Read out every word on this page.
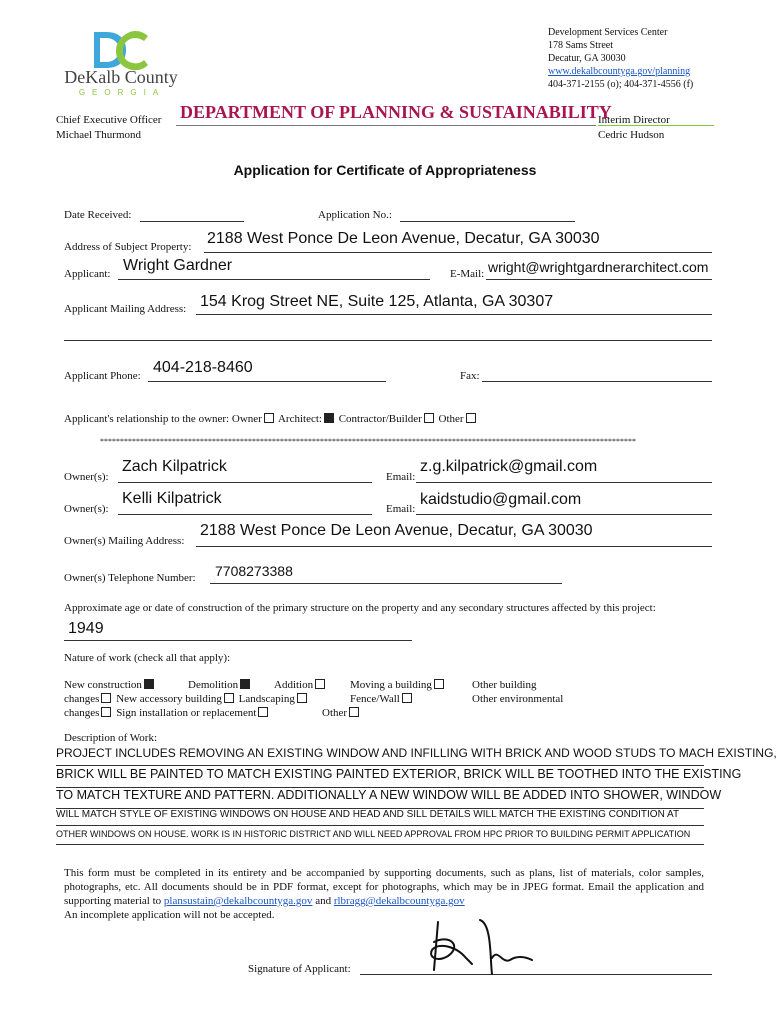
DeKalb County
GEORGIA
Development Services Center
178 Sams Street
Decatur, GA 30030
www.dekalbcountyga.gov/planning
404-371-2155 (o); 404-371-4556 (f)
Chief Executive Officer
Michael Thurmond
DEPARTMENT OF PLANNING & SUSTAINABILITY
Interim Director
Cedric Hudson
Application for Certificate of Appropriateness
Date Received:	Application No.:
Address of Subject Property: 2188 West Ponce De Leon Avenue, Decatur, GA 30030
Applicant: Wright Gardner	E-Mail: wright@wrightgardnerarchitect.com
Applicant Mailing Address: 154 Krog Street NE, Suite 125, Atlanta, GA 30307
Applicant Phone: 404-218-8460	Fax:
Applicant's relationship to the owner: Owner Architect: Contractor/Builder Other
**************************************************************************************************************************************
Owner(s):
Zach Kilpatrick
Email:
z.g.kilpatrick@gmail.com
Owner(s):
Kelli Kilpatrick
Email:
kaidstudio@gmail.com
Owner(s) Mailing Address:
2188 West Ponce De Leon Avenue, Decatur, GA 30030
Owner(s) Telephone Number: 7708273388
Approximate age or date of construction of the primary structure on the property and any secondary structures affected by this project:
1949
Nature of work (check all that apply):
New construction	Demolition	Addition	Moving a building	Other building
changes New accessory building Landscaping	Fence/Wall	Other environmental
changes Sign installation or replacement	Other
Description of Work:
PROJECT INCLUDES REMOVING AN EXISTING WINDOW AND INFILLING WITH BRICK AND WOOD STUDS TO MACH EXISTING,
BRICK WILL BE PAINTED TO MATCH EXISTING PAINTED EXTERIOR, BRICK WILL BE TOOTHED INTO THE EXISTING
TO MATCH TEXTURE AND PATTERN. ADDITIONALLY A NEW WINDOW WILL BE ADDED INTO SHOWER, WINDOW
WILL MATCH STYLE OF EXISTING WINDOWS ON HOUSE AND HEAD AND SILL DETAILS WILL MATCH THE EXISTING CONDITION AT
OTHER WINDOWS ON HOUSE. WORK IS IN HISTORIC DISTRICT AND WILL NEED APPROVAL FROM HPC PRIOR TO BUILDING PERMIT APPLICATION
This form must be completed in its entirety and be accompanied by supporting documents, such as plans, list of materials, color samples, photographs, etc. All documents should be in PDF format, except for photographs, which may be in JPEG format. Email the application and supporting material to plansustain@dekalbcountyga.gov and rlbragg@dekalbcountyga.gov
An incomplete application will not be accepted.
Signature of Applicant:
